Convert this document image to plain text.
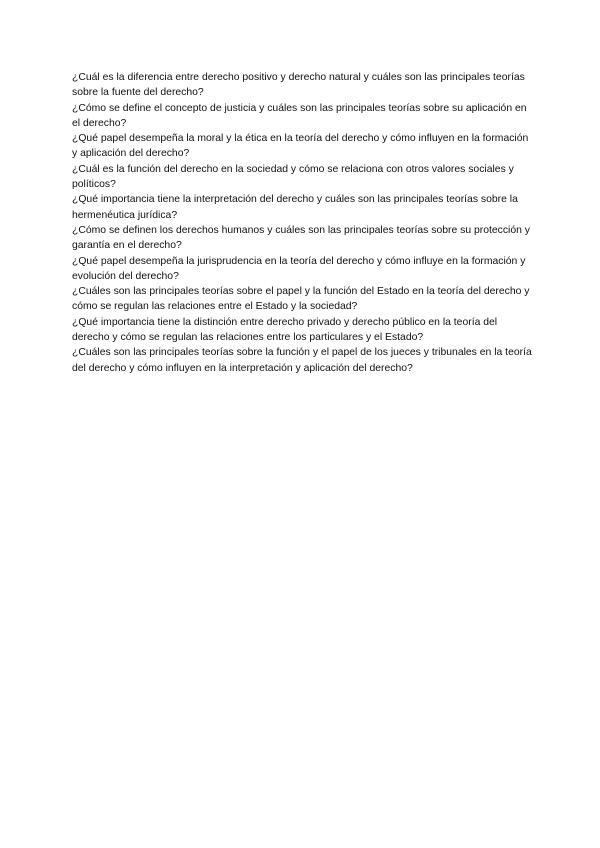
¿Cuál es la diferencia entre derecho positivo y derecho natural y cuáles son las principales teorías sobre la fuente del derecho?
¿Cómo se define el concepto de justicia y cuáles son las principales teorías sobre su aplicación en el derecho?
¿Qué papel desempeña la moral y la ética en la teoría del derecho y cómo influyen en la formación y aplicación del derecho?
¿Cuál es la función del derecho en la sociedad y cómo se relaciona con otros valores sociales y políticos?
¿Qué importancia tiene la interpretación del derecho y cuáles son las principales teorías sobre la hermenéutica jurídica?
¿Cómo se definen los derechos humanos y cuáles son las principales teorías sobre su protección y garantía en el derecho?
¿Qué papel desempeña la jurisprudencia en la teoría del derecho y cómo influye en la formación y evolución del derecho?
¿Cuáles son las principales teorías sobre el papel y la función del Estado en la teoría del derecho y cómo se regulan las relaciones entre el Estado y la sociedad?
¿Qué importancia tiene la distinción entre derecho privado y derecho público en la teoría del derecho y cómo se regulan las relaciones entre los particulares y el Estado?
¿Cuáles son las principales teorías sobre la función y el papel de los jueces y tribunales en la teoría del derecho y cómo influyen en la interpretación y aplicación del derecho?
